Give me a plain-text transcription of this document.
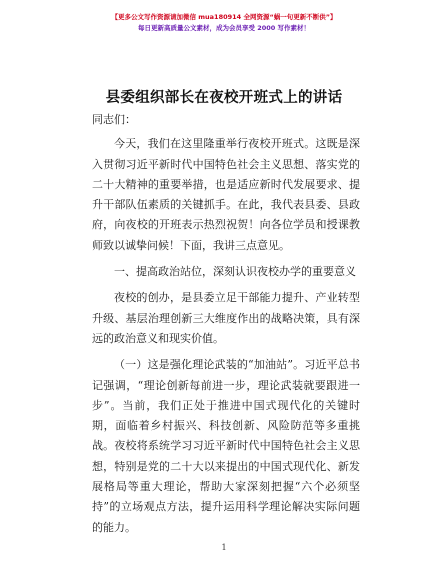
【更多公文写作资源请加微信 mua180914 全网资源“蜗一句更新不断供”】
每日更新高质量公文素材，成为会员享受 2000 写作素材！
县委组织部长在夜校开班式上的讲话

同志们：

今天，我们在这里隆重举行夜校开班式。这既是深入贯彻习近平新时代中国特色社会主义思想、落实党的二十大精神的重要举措，也是适应新时代发展要求、提升干部队伍素质的关键抓手。在此，我代表县委、县政府，向夜校的开班表示热烈祝贺！向各位学员和授课教师致以诚挚问候！下面，我讲三点意见。

一、提高政治站位，深刻认识夜校办学的重要意义

夜校的创办，是县委立足干部能力提升、产业转型升级、基层治理创新三大维度作出的战略决策，具有深远的政治意义和现实价值。

（一）这是强化理论武装的“加油站”。习近平总书记强调，“理论创新每前进一步，理论武装就要跟进一步”。当前，我们正处于推进中国式现代化的关键时期，面临着乡村振兴、科技创新、风险防范等多重挑战。夜校将系统学习习近平新时代中国特色社会主义思想，特别是党的二十大以来提出的中国式现代化、新发展格局等重大理论，帮助大家深刻把握“六个必须坚持”的立场观点方法，提升运用科学理论解决实际问题的能力。

1
